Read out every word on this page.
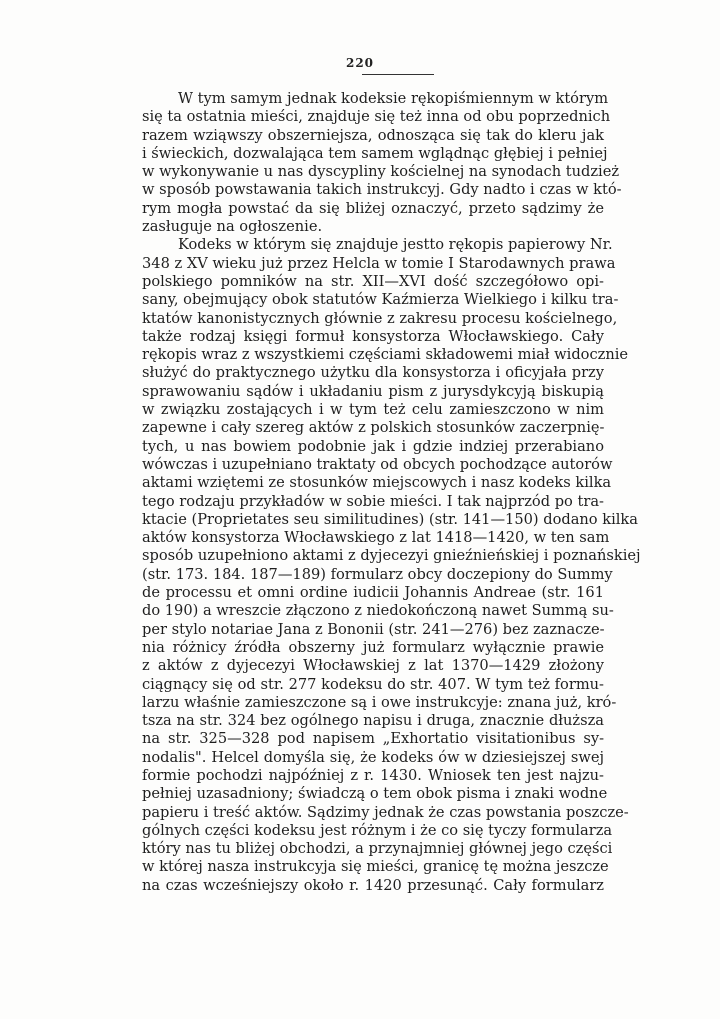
220
W tym samym jednak kodeksie rękopiśmiennym w którym
się ta ostatnia mieści, znajduje się też inna od obu poprzednich
razem wziąwszy obszerniejsza, odnosząca się tak do kleru jak
i świeckich, dozwalająca tem samem wglądnąc głębiej i pełniej
w wykonywanie u nas dyscypliny kościelnej na synodach tudzież
w sposób powstawania takich instrukcyj. Gdy nadto i czas w któ-
rym mogła powstać da się bliżej oznaczyć, przeto sądzimy że
zasługuje na ogłoszenie.
Kodeks w którym się znajduje jestto rękopis papierowy Nr.
348 z XV wieku już przez Helcla w tomie I Starodawnych prawa
polskiego pomników na str. XII—XVI dość szczegółowo opi-
sany, obejmujący obok statutów Kaźmierza Wielkiego i kilku tra-
ktatów kanonistycznych głównie z zakresu procesu kościelnego,
także rodzaj księgi formuł konsystorza Włocławskiego. Cały
rękopis wraz z wszystkiemi częściami składowemi miał widocznie
służyć do praktycznego użytku dla konsystorza i oficyjała przy
sprawowaniu sądów i układaniu pism z jurysdykcyją biskupią
w związku zostających i w tym też celu zamieszczono w nim
zapewne i cały szereg aktów z polskich stosunków zaczerpnię-
tych, u nas bowiem podobnie jak i gdzie indziej przerabiano
wówczas i uzupełniano traktaty od obcych pochodzące autorów
aktami wziętemi ze stosunków miejscowych i nasz kodeks kilka
tego rodzaju przykładów w sobie mieści. I tak najprzód po tra-
ktacie (Proprietates seu similitudines) (str. 141—150) dodano kilka
aktów konsystorza Włocławskiego z lat 1418—1420, w ten sam
sposób uzupełniono aktami z dyjecezyi gnieźnieńskiej i poznańskiej
(str. 173. 184. 187—189) formularz obcy doczepiony do Summy
de processu et omni ordine iudicii Johannis Andreae (str. 161
do 190) a wreszcie złączono z niedokończoną nawet Summą su-
per stylo notariae Jana z Bononii (str. 241—276) bez zaznacze-
nia różnicy źródła obszerny już formularz wyłącznie prawie
z aktów z dyjecezyi Włocławskiej z lat 1370—1429 złożony
ciągnący się od str. 277 kodeksu do str. 407. W tym też formu-
larzu właśnie zamieszczone są i owe instrukcyje: znana już, kró-
tsza na str. 324 bez ogólnego napisu i druga, znacznie dłuższa
na str. 325—328 pod napisem „Exhortatio visitationibus sy-
nodalis". Helcel domyśla się, że kodeks ów w dziesiejszej swej
formie pochodzi najpóźniej z r. 1430. Wniosek ten jest najzu-
pełniej uzasadniony; świadczą o tem obok pisma i znaki wodne
papieru i treść aktów. Sądzimy jednak że czas powstania poszcze-
gólnych części kodeksu jest różnym i że co się tyczy formularza
który nas tu bliżej obchodzi, a przynajmniej głównej jego części
w której nasza instrukcyja się mieści, granicę tę można jeszcze
na czas wcześniejszy około r. 1420 przesunąć. Cały formularz
